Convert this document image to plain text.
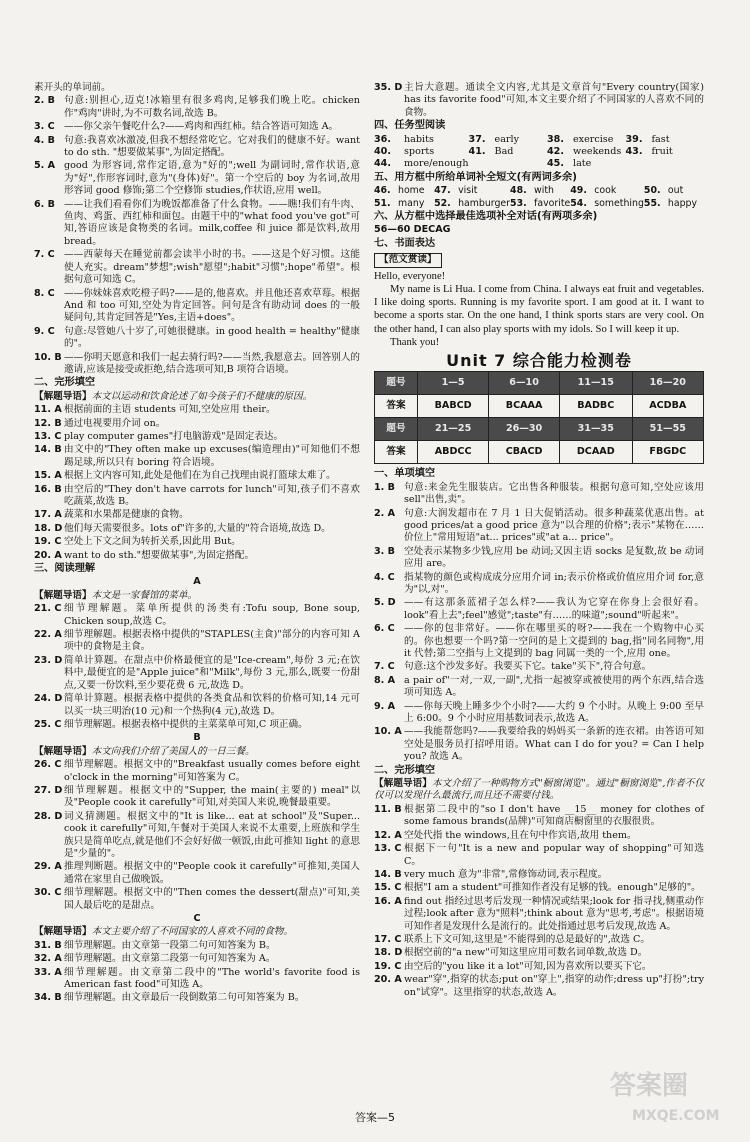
素开头的单词前。

2. B 句意:别担心,迈克!冰箱里有很多鸡肉,足够我们晚上吃。chicken 作"鸡肉"讲时,为不可数名词,故选 B。
3. C ——你父亲午餐吃什么?——鸡肉和西红柿。结合答语可知选 A。
4. B 句意:我喜欢冰激凌,但我不想经常吃它。它对我们的健康不好。want to do sth. "想要做某事",为固定搭配。
5. A good 为形容词,常作定语,意为"好的";well 为副词时,常作状语,意为"好",作形容词时,意为"(身体)好"。第一个空后的 boy 为名词,故用形容词 good 修饰;第二个空修饰 studies,作状语,应用 well。
6. B ——让我们看看你们为晚饭都准备了什么食物。——瞧!我们有牛肉、鱼肉、鸡蛋、西红柿和面包。由题干中的"what food you've got"可知,答语应该是食物类的名词。milk,coffee 和 juice 都是饮料,故用 bread。
7. C ——西蒙每天在睡觉前都会读半小时的书。——这是个好习惯。这能使人充实。dream"梦想";wish"愿望";habit"习惯";hope"希望"。根据句意可知选 C。
8. C ——你妹妹喜欢吃橙子吗?——是的,他喜欢。并且他还喜欢草莓。根据 And 和 too 可知,空处为肯定回答。问句是含有助动词 does 的一般疑问句,其肯定回答是"Yes,主语+does"。
9. C 句意:尽管她八十岁了,可她很健康。in good health = healthy"健康的"。
10. B ——你明天愿意和我们一起去骑行吗?——当然,我愿意去。回答别人的邀请,应该是接受或拒绝,结合选项可知,B 项符合语境。

二、完形填空

【解题导语】本文以运动和饮食论述了如今孩子们不健康的原因。

11. A 根据前面的主语 students 可知,空处应用 their。
12. B 通过电视要用介词 on。
13. C play computer games"打电脑游戏"是固定表达。
14. B 由文中的"They often make up excuses(编造理由)"可知他们不想踢足球,所以只有 boring 符合语境。
15. A 根据上文内容可知,此处是他们在为自己找理由说打篮球太难了。
16. B 由空后的"They don't have carrots for lunch"可知,孩子们不喜欢吃蔬菜,故选 B。
17. A 蔬菜和水果都是健康的食物。
18. D 他们每天需要很多。lots of"许多的,大量的"符合语境,故选 D。
19. C 空处上下文之间为转折关系,因此用 But。
20. A want to do sth."想要做某事",为固定搭配。

三、阅读理解

A

【解题导语】本文是一家餐馆的菜单。

21. C 细节理解题。菜单所提供的汤类有:Tofu soup, Bone soup, Chicken soup,故选 C。
22. A 细节理解题。根据表格中提供的"STAPLES(主食)"部分的内容可知 A 项中的食物是主食。
23. D 简单计算题。在甜点中价格最便宜的是"Ice-cream",每份 3 元;在饮料中,最便宜的是"Apple juice"和"Milk",每份 3 元,那么,既要一份甜点,又要一份饮料,至少要花费 6 元,故选 D。
24. D 简单计算题。根据表格中提供的各类食品和饮料的价格可知,14 元可以买一块三明治(10 元)和一个热狗(4 元),故选 D。
25. C 细节理解题。根据表格中提供的主菜菜单可知,C 项正确。

B

【解题导语】本文向我们介绍了美国人的一日三餐。

26. C 细节理解题。根据文中的"Breakfast usually comes before eight o'clock in the morning"可知答案为 C。
27. D 细节理解题。根据文中的"Supper, the main(主要的) meal"以及"People cook it carefully"可知,对美国人来说,晚餐最重要。
28. D 词义猜测题。根据文中的"It is like... eat at school"及"Super... cook it carefully"可知,午餐对于美国人来说不太重要,上班族和学生族只是简单吃点,就是他们不会好好做一顿饭,由此可推知 light 的意思是"少量的"。
29. A 推理判断题。根据文中的"People cook it carefully"可推知,美国人通常在家里自己做晚饭。
30. C 细节理解题。根据文中的"Then comes the dessert(甜点)"可知,美国人最后吃的是甜点。

C

【解题导语】本文主要介绍了不同国家的人喜欢不同的食物。

31. B 细节理解题。由文章第一段第二句可知答案为 B。
32. A 细节理解题。由文章第二段第一句可知答案为 A。
33. A 细节理解题。由文章第二段中的"The world's favorite food is American fast food"可知选 A。
34. B 细节理解题。由文章最后一段倒数第二句可知答案为 B。
35. D 主旨大意题。通读全文内容,尤其是文章首句"Every country(国家) has its favorite food"可知,本文主要介绍了不同国家的人喜欢不同的食物。

四、任务型阅读

36.	habits	37. early	38. exercise	39. fast
40.	sports	41. Bad	42. weekends 43. fruit
44.	more/enough	45. late

五、用方框中所给单词补全短文(有两词多余)

46. home	47. visit	48. with	49. cook	50. out
51. many	52. hamburger 53. favorite 54. something 55. happy

六、从方框中选择最佳选项补全对话(有两项多余)

56—60 DECAG

七、书面表达

【范文赏读】

Hello, everyone!

My name is Li Hua. I come from China. I always eat fruit and vegetables. I like doing sports. Running is my favorite sport. I am good at it. I want to become a sports star. On the one hand, I think sports stars are very cool. On the other hand, I can also play sports with my idols. So I will keep it up.

Thank you!

Unit 7 综合能力检测卷
题号	1—5	6—10	11—15	16—20
答案	BABCD	BCAAA	BADBC	ACDBA
题号	21—25	26—30	31—35	51—55
答案	ABDCC	CBACD	DCAAD	FBGDC

一、单项填空

1. B 句意:来金先生服装店。它出售各种服装。根据句意可知,空处应该用 sell"出售,卖"。
2. A 句意:大润发超市在 7 月 1 日大促销活动。很多种蔬菜优惠出售。at good prices/at a good price 意为"以合理的价格";表示"某物在……价位上"常用短语"at... prices"或"at a... price"。
3. B 空处表示某物多少钱,应用 be 动词;又因主语 socks 是复数,故 be 动词应用 are。
4. C 指某物的颜色或构成成分应用介词 in;表示价格或价值应用介词 for,意为"以,对"。
5. D ——有这那条蓝裙子怎么样?——我认为它穿在你身上会很好看。look"看上去";feel"感觉";taste"有……的味道";sound"听起来"。
6. C ——你的包非常好。——你在哪里买的呀?——我在一个购物中心买的。你也想要一个吗?第一空问的是上文提到的 bag,指"同名同物",用 it 代替;第二空指与上文提到的 bag 同属一类的一个,应用 one。
7. C 句意:这个沙发多好。我要买下它。take"买下",符合句意。
8. A a pair of"一对,一双,一副",尤指一起被穿或被使用的两个东西,结合选项可知选 A。
9. A ——你每天晚上睡多少个小时?——大约 9 个小时。从晚上 9:00 至早上 6:00。9 个小时应用基数词表示,故选 A。
10. A ——我能帮您吗?——我要给我的妈妈买一条新的连衣裙。由答语可知空处是服务员打招呼用语。What can I do for you? = Can I help you? 故选 A。

二、完形填空

【解题导语】本文介绍了一种购物方式"橱窗浏览"。通过"橱窗浏览",作者不仅仅可以发现什么最流行,而且还不需要付钱。

11. B 根据第二段中的"so I don't have __15__ money for clothes of some famous brands(品牌)"可知商店橱窗里的衣服很贵。
12. A 空处代指 the windows,且在句中作宾语,故用 them。
13. C 根据下一句"It is a new and popular way of shopping"可知选 C。
14. B very much 意为"非常",常修饰动词,表示程度。
15. C 根据"I am a student"可推知作者没有足够的钱。enough"足够的"。
16. A find out 指经过思考后发现一种情况或结果;look for 指寻找,侧重动作过程;look after 意为"照料";think about 意为"思考,考虑"。根据语境可知作者是发现什么是流行的。此处指通过思考后发现,故选 A。
17. C 联系上下文可知,这里是"不能得到的总是最好的",故选 C。
18. D 根据空前的"a new"可知这里应用可数名词单数,故选 D。
19. C 由空后的"you like it a lot"可知,因为喜欢所以要买下它。
20. A wear"穿",指穿的状态;put on"穿上",指穿的动作;dress up"打扮";try on"试穿"。这里指穿的状态,故选 A。
答案—5
答案圈
MXQE.COM
